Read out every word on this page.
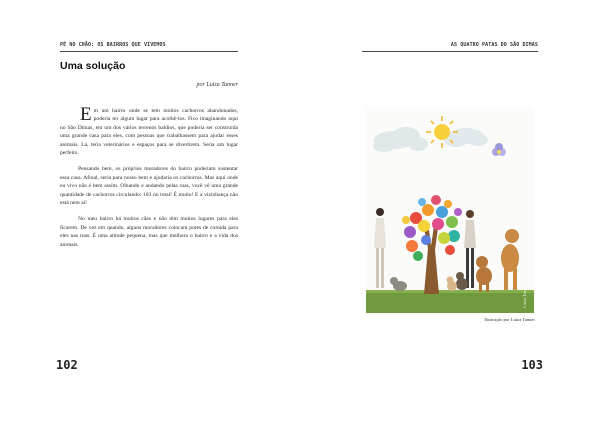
PÉ NO CHÃO: OS BAIRROS QUE VIVEMOS
Uma solução
por Luiza Tanner

Em um bairro onde se tem muitos cachorros abandonados, poderia ter algum lugar para acolhê-los. Fico imaginando aqui no São Dimas, em um dos vários terrenos baldios, que poderia ser construída uma grande casa para eles, com pessoas que trabalhassem para ajudar esses animais. Lá, teria veterinários e espaços para se divertirem. Seria um lugar perfeito.

Pensando bem, os próprios moradores do bairro poderiam sustentar essa casa. Afinal, seria para nosso bem e ajudaria os cachorros. Mas aqui onde eu vivo não é bem assim. Olhando e andando pelas ruas, você vê uma grande quantidade de cachorros circulando: 183 no total! É muito! E a vizinhança não está nem aí!

No meu bairro há muitos cães e não têm muitos lugares para eles ficarem. De vez em quando, alguns moradores colocam potes de comida para eles nas ruas. É uma atitude pequena, mas que melhora o bairro e a vida dos animais.

102
AS QUATRO PATAS DO SÃO DIMAS
103
Luiza Tanner
Ilustração por Luiza Tanner
